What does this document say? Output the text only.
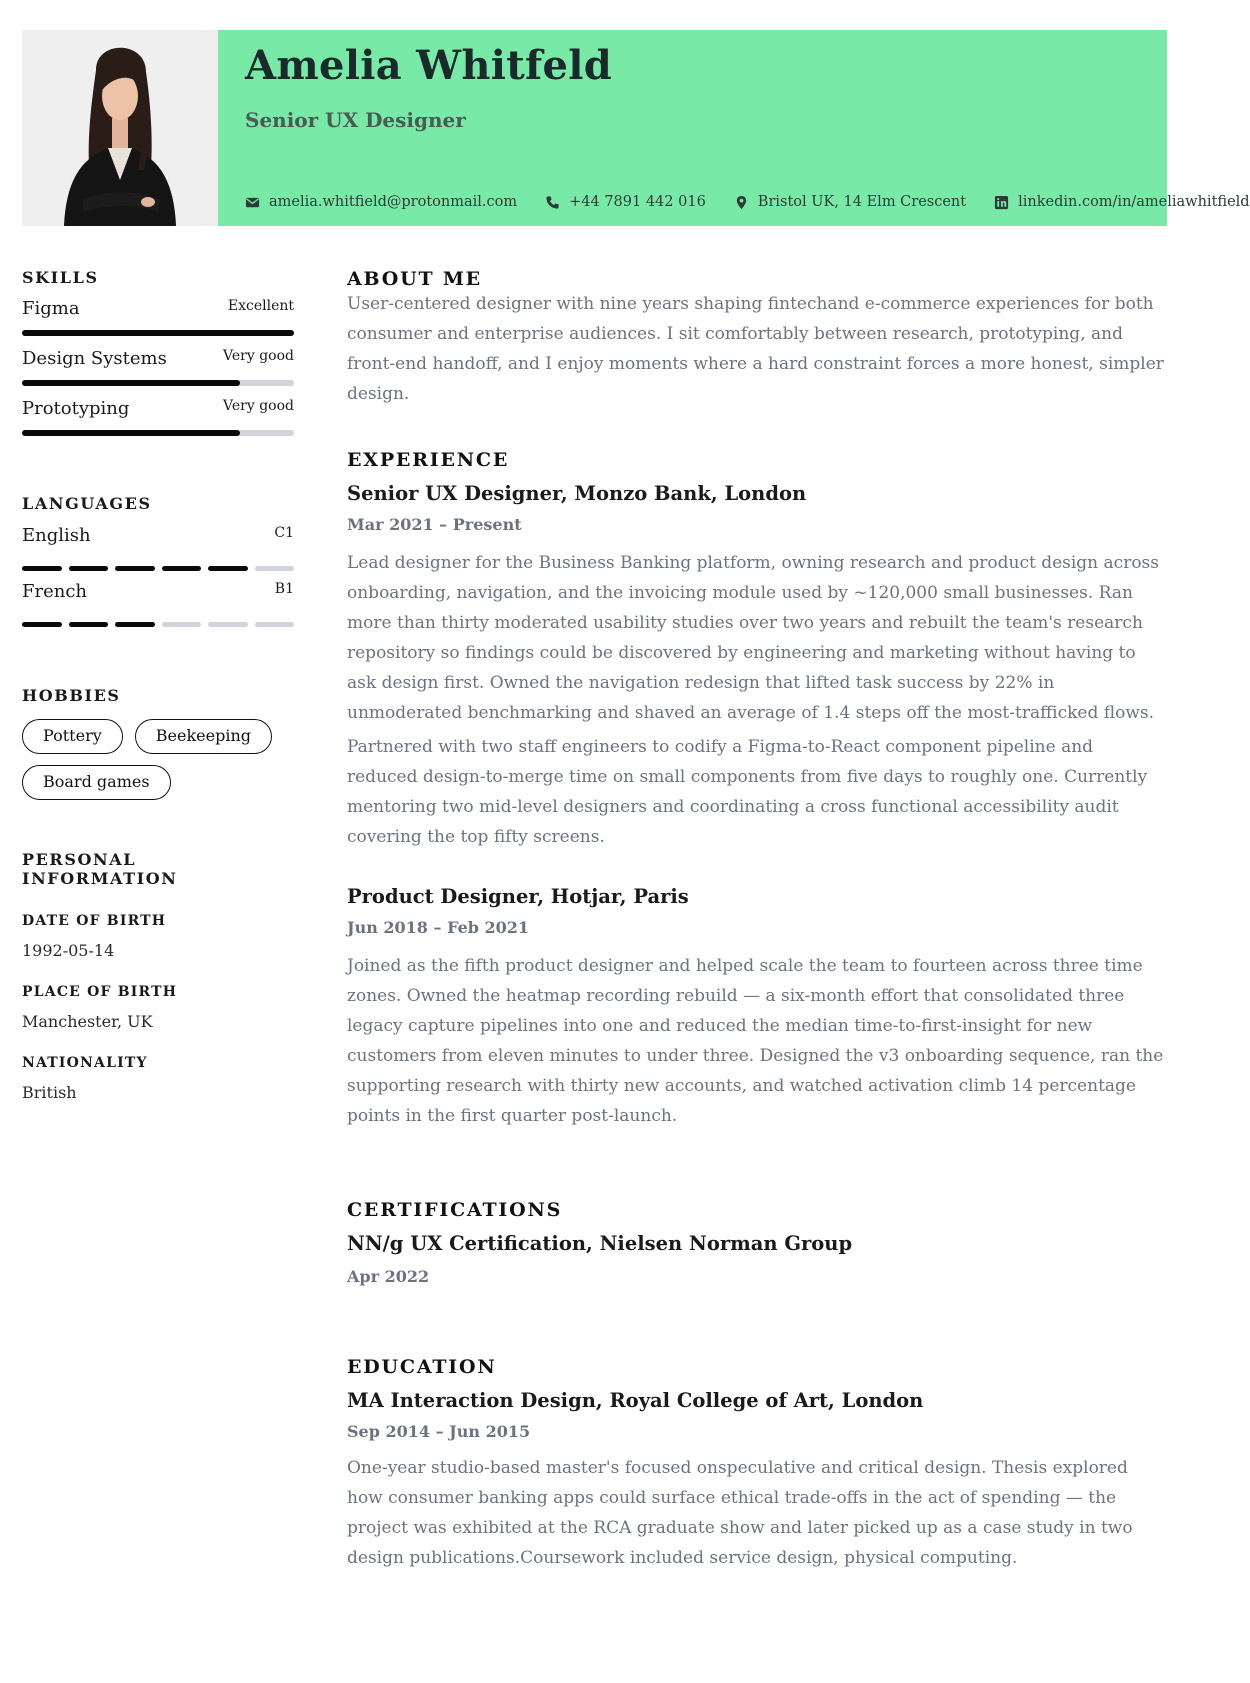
Amelia Whitfeld
Senior UX Designer
amelia.whitfield@protonmail.com	+44 7891 442 016	Bristol UK, 14 Elm Crescent	linkedin.com/in/ameliawhitfield
SKILLS
Figma	Excellent
Design Systems	Very good
Prototyping	Very good
LANGUAGES
English	C1
French	B1
HOBBIES
Pottery	Beekeeping
Board games
PERSONAL INFORMATION
DATE OF BIRTH
1992-05-14
PLACE OF BIRTH
Manchester, UK
NATIONALITY
British
ABOUT ME
User-centered designer with nine years shaping fintechand e-commerce experiences for both consumer and enterprise audiences. I sit comfortably between research, prototyping, and front-end handoff, and I enjoy moments where a hard constraint forces a more honest, simpler design.
EXPERIENCE
Senior UX Designer, Monzo Bank, London
Mar 2021 – Present
Lead designer for the Business Banking platform, owning research and product design across onboarding, navigation, and the invoicing module used by ~120,000 small businesses. Ran more than thirty moderated usability studies over two years and rebuilt the team's research repository so findings could be discovered by engineering and marketing without having to ask design first. Owned the navigation redesign that lifted task success by 22% in unmoderated benchmarking and shaved an average of 1.4 steps off the most-trafficked flows.
Partnered with two staff engineers to codify a Figma-to-React component pipeline and reduced design-to-merge time on small components from five days to roughly one. Currently mentoring two mid-level designers and coordinating a cross functional accessibility audit covering the top fifty screens.
Product Designer, Hotjar, Paris
Jun 2018 – Feb 2021
Joined as the fifth product designer and helped scale the team to fourteen across three time zones. Owned the heatmap recording rebuild — a six-month effort that consolidated three legacy capture pipelines into one and reduced the median time-to-first-insight for new customers from eleven minutes to under three. Designed the v3 onboarding sequence, ran the supporting research with thirty new accounts, and watched activation climb 14 percentage points in the first quarter post-launch.
CERTIFICATIONS
NN/g UX Certification, Nielsen Norman Group
Apr 2022
EDUCATION
MA Interaction Design, Royal College of Art, London
Sep 2014 – Jun 2015
One-year studio-based master's focused onspeculative and critical design. Thesis explored how consumer banking apps could surface ethical trade-offs in the act of spending — the project was exhibited at the RCA graduate show and later picked up as a case study in two design publications.Coursework included service design, physical computing.
